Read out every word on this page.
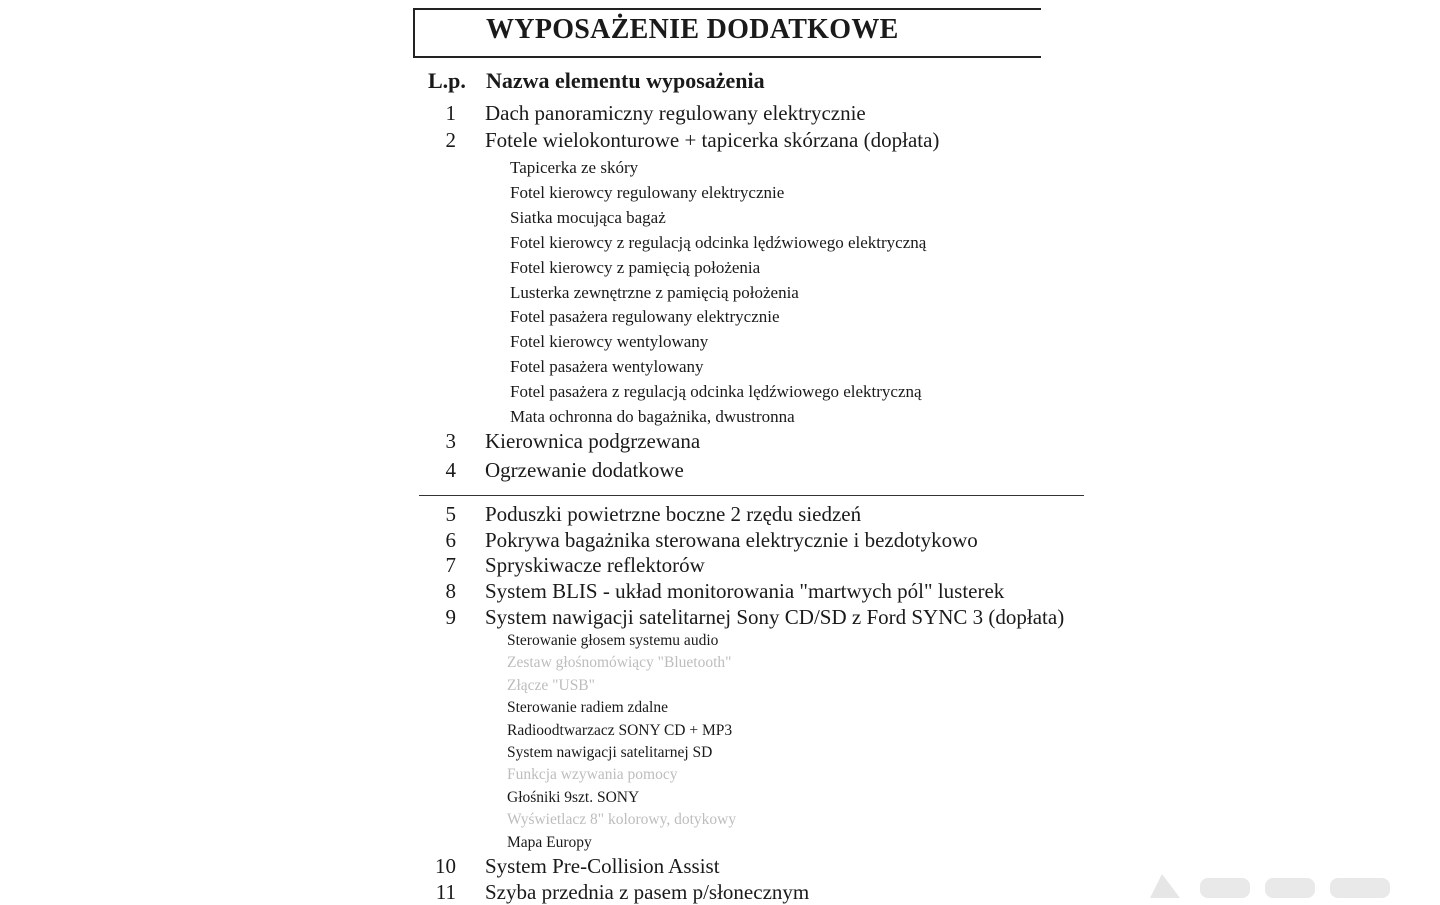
WYPOSAŻENIE DODATKOWE
L.p. Nazwa elementu wyposażenia
1 Dach panoramiczny regulowany elektrycznie
2 Fotele wielokonturowe + tapicerka skórzana (dopłata)
Tapicerka ze skóry
Fotel kierowcy regulowany elektrycznie
Siatka mocująca bagaż
Fotel kierowcy z regulacją odcinka lędźwiowego elektryczną
Fotel kierowcy z pamięcią położenia
Lusterka zewnętrzne z pamięcią położenia
Fotel pasażera regulowany elektrycznie
Fotel kierowcy wentylowany
Fotel pasażera wentylowany
Fotel pasażera z regulacją odcinka lędźwiowego elektryczną
Mata ochronna do bagażnika, dwustronna
3 Kierownica podgrzewana
4 Ogrzewanie dodatkowe
5 Poduszki powietrzne boczne 2 rzędu siedzeń
6 Pokrywa bagażnika sterowana elektrycznie i bezdotykowo
7 Spryskiwacze reflektorów
8 System BLIS - układ monitorowania "martwych pól" lusterek
9 System nawigacji satelitarnej Sony CD/SD z Ford SYNC 3 (dopłata)
Sterowanie głosem systemu audio
Zestaw głośnomówiący "Bluetooth"
Złącze "USB"
Sterowanie radiem zdalne
Radioodtwarzacz SONY CD + MP3
System nawigacji satelitarnej SD
Funkcja wzywania pomocy
Głośniki 9szt. SONY
Wyświetlacz 8" kolorowy, dotykowy
Mapa Europy
10 System Pre-Collision Assist
11 Szyba przednia z pasem p/słonecznym
